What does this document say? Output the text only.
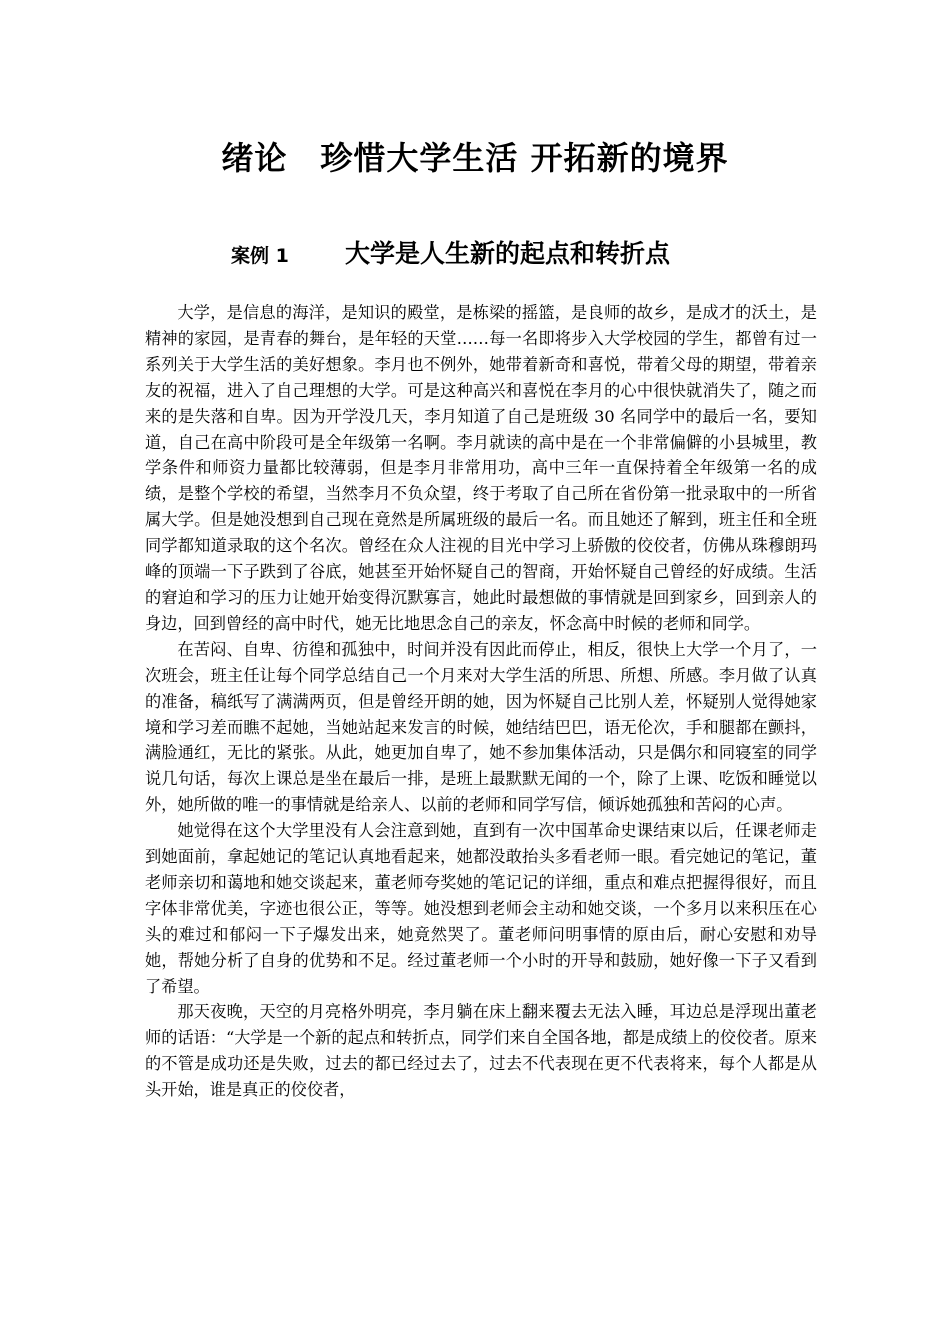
绪论　珍惜大学生活 开拓新的境界
案例 1 大学是人生新的起点和转折点

大学，是信息的海洋，是知识的殿堂，是栋梁的摇篮，是良师的故乡，是成才的沃土，是精神的家园，是青春的舞台，是年轻的天堂……每一名即将步入大学校园的学生，都曾有过一系列关于大学生活的美好想象。李月也不例外，她带着新奇和喜悦，带着父母的期望，带着亲友的祝福，进入了自己理想的大学。可是这种高兴和喜悦在李月的心中很快就消失了，随之而来的是失落和自卑。因为开学没几天，李月知道了自己是班级 30 名同学中的最后一名，要知道，自己在高中阶段可是全年级第一名啊。李月就读的高中是在一个非常偏僻的小县城里，教学条件和师资力量都比较薄弱，但是李月非常用功，高中三年一直保持着全年级第一名的成绩，是整个学校的希望，当然李月不负众望，终于考取了自己所在省份第一批录取中的一所省属大学。但是她没想到自己现在竟然是所属班级的最后一名。而且她还了解到，班主任和全班同学都知道录取的这个名次。曾经在众人注视的目光中学习上骄傲的佼佼者，仿佛从珠穆朗玛峰的顶端一下子跌到了谷底，她甚至开始怀疑自己的智商，开始怀疑自己曾经的好成绩。生活的窘迫和学习的压力让她开始变得沉默寡言，她此时最想做的事情就是回到家乡，回到亲人的身边，回到曾经的高中时代，她无比地思念自己的亲友，怀念高中时候的老师和同学。

在苦闷、自卑、彷徨和孤独中，时间并没有因此而停止，相反，很快上大学一个月了，一次班会，班主任让每个同学总结自己一个月来对大学生活的所思、所想、所感。李月做了认真的准备，稿纸写了满满两页，但是曾经开朗的她，因为怀疑自己比别人差，怀疑别人觉得她家境和学习差而瞧不起她，当她站起来发言的时候，她结结巴巴，语无伦次，手和腿都在颤抖，满脸通红，无比的紧张。从此，她更加自卑了，她不参加集体活动，只是偶尔和同寝室的同学说几句话，每次上课总是坐在最后一排，是班上最默默无闻的一个，除了上课、吃饭和睡觉以外，她所做的唯一的事情就是给亲人、以前的老师和同学写信，倾诉她孤独和苦闷的心声。

她觉得在这个大学里没有人会注意到她，直到有一次中国革命史课结束以后，任课老师走到她面前，拿起她记的笔记认真地看起来，她都没敢抬头多看老师一眼。看完她记的笔记，董老师亲切和蔼地和她交谈起来，董老师夸奖她的笔记记的详细，重点和难点把握得很好，而且字体非常优美，字迹也很公正，等等。她没想到老师会主动和她交谈，一个多月以来积压在心头的难过和郁闷一下子爆发出来，她竟然哭了。董老师问明事情的原由后，耐心安慰和劝导她，帮她分析了自身的优势和不足。经过董老师一个小时的开导和鼓励，她好像一下子又看到了希望。

那天夜晚，天空的月亮格外明亮，李月躺在床上翻来覆去无法入睡，耳边总是浮现出董老师的话语：“大学是一个新的起点和转折点，同学们来自全国各地，都是成绩上的佼佼者。原来的不管是成功还是失败，过去的都已经过去了，过去不代表现在更不代表将来，每个人都是从头开始，谁是真正的佼佼者，
